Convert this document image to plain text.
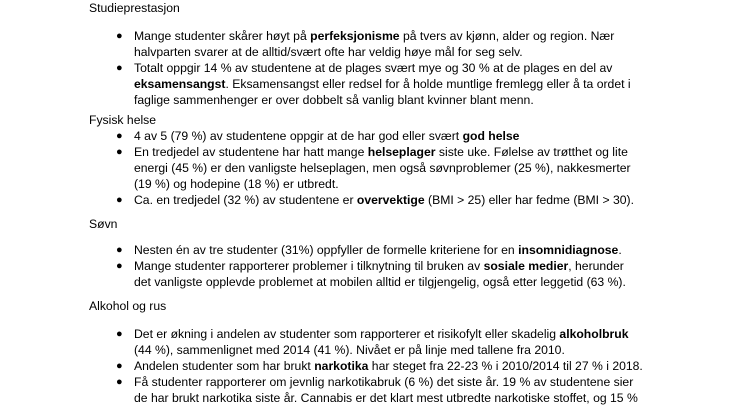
Studieprestasjon
● Mange studenter skårer høyt på perfeksjonisme på tvers av kjønn, alder og region. Nær halvparten svarer at de alltid/svært ofte har veldig høye mål for seg selv.
● Totalt oppgir 14 % av studentene at de plages svært mye og 30 % at de plages en del av eksamensangst. Eksamensangst eller redsel for å holde muntlige fremlegg eller å ta ordet i faglige sammenhenger er over dobbelt så vanlig blant kvinner blant menn.
Fysisk helse
● 4 av 5 (79 %) av studentene oppgir at de har god eller svært god helse
● En tredjedel av studentene har hatt mange helseplager siste uke. Følelse av trøtthet og lite energi (45 %) er den vanligste helseplagen, men også søvnproblemer (25 %), nakkesmerter (19 %) og hodepine (18 %) er utbredt.
● Ca. en tredjedel (32 %) av studentene er overvektige (BMI > 25) eller har fedme (BMI > 30).
Søvn
● Nesten én av tre studenter (31%) oppfyller de formelle kriteriene for en insomnidiagnose.
● Mange studenter rapporterer problemer i tilknytning til bruken av sosiale medier, herunder det vanligste opplevde problemet at mobilen alltid er tilgjengelig, også etter leggetid (63 %).
Alkohol og rus
● Det er økning i andelen av studenter som rapporterer et risikofylt eller skadelig alkoholbruk (44 %), sammenlignet med 2014 (41 %). Nivået er på linje med tallene fra 2010.
● Andelen studenter som har brukt narkotika har steget fra 22-23 % i 2010/2014 til 27 % i 2018.
● Få studenter rapporterer om jevnlig narkotikabruk (6 %) det siste år. 19 % av studentene sier de har brukt narkotika siste år. Cannabis er det klart mest utbredte narkotiske stoffet, og 15 %
